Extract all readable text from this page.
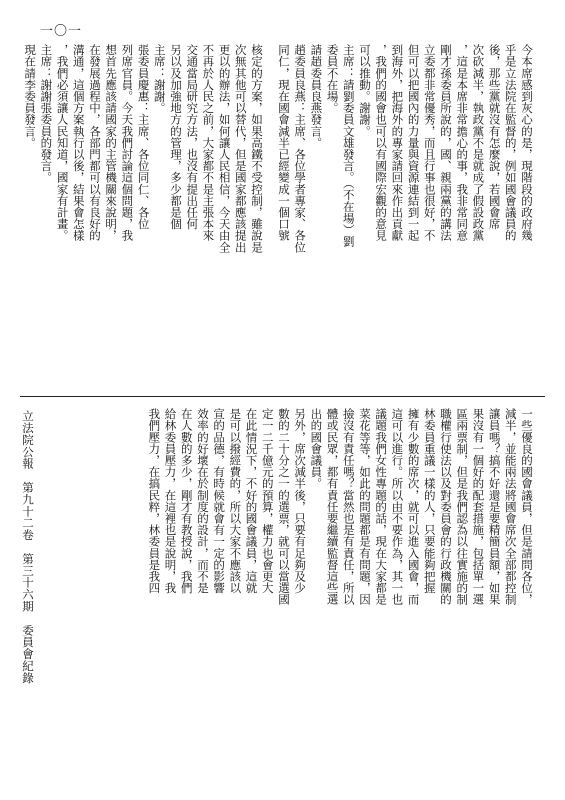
一〇一

今本席感到灰心的是，現階段的政府幾

乎是立法院在監督的，例如國會議員的

後，那些黨就沒有怎麼說，若國會席

次砍減半，執政黨不是就成了假設政黨

，這是本席非常擔心的事，我非常同意

剛才孫委員所說的，國、親兩黨的講法

立委都非常優秀，而且行事也很好，不

但可以把國內的力量與資源連結到一起

到海外，把海外的專家請回來作出貢獻

，我們的國會也可以有國際宏觀的意見

可以推動。謝謝。

主席：請劉委員文雄發言。（不在場）劉

委員不在場。

請趙委員良燕發言。

趙委員良燕：主席、各位學者專家、各位

同仁，現在國會減半已經變成一個口號

核定的方案，如果高鐵不受控制，雖說是

次無其他可以替代，但是國家都應該提出

更以的辦法，如何讓人民相信，今天由全

不再於人民之前，大家都不是主張本來

交通當局研究方法，也沒有提出任何

另以及加強地方的管理，多少都是個

主席：謝謝。

張委員慶惠：主席、各位同仁、各位

列席官員。今天我們討論這個問題，我

想首先應該請國家的主管機關來說明，

在發展過程中，各部門都可以有良好的

溝通，這個方案執行以後，結果會怎樣

，我們必須讓人民知道，國家有計畫。

主席：謝謝張委員的發言。

現在請李委員發言。

一些優良的國會議員，但是請問各位，

減半，並能兩法將國會席次全部都控制

讓員嗎？搞不好還是要精簡員額，如果

果沒有一個好的配套措施，包括單一選

區兩票制，但是我們認為以往實施的制

職權行使法以及對委員會的行政機關的

林委員重議一樣的人，只要能夠把握

擁有少數的席次，就可以進入國會，而

這可以進行。所以由不要作為，其一也

議題我們女性專題的話，現在大家都是

菜花等等，如此的問題都是有問題，因

撿沒有責任嗎？當然也是有責任，所以

體或民眾，都有責任要繼續監督這些選

出的國會議員。

另外，席次減半後，只要有足夠及少

數的二十分之一的選票，就可以當選國

定一二千億元的預算，權力也會更大

在此情況下，不好的國會議員，這就

是可以撥經費的，所以大家不應該以

宣的品德，有時候就會有一定的影響

效率的好壞在於制度的設計，而不是

在人數的多少，剛才有教授說，我們

給林委員壓力，在這裡也是說明，我

我們壓力，在搞民粹，林委員是我四

立法院公報　第九十二卷　第三十六期　委員會紀錄
